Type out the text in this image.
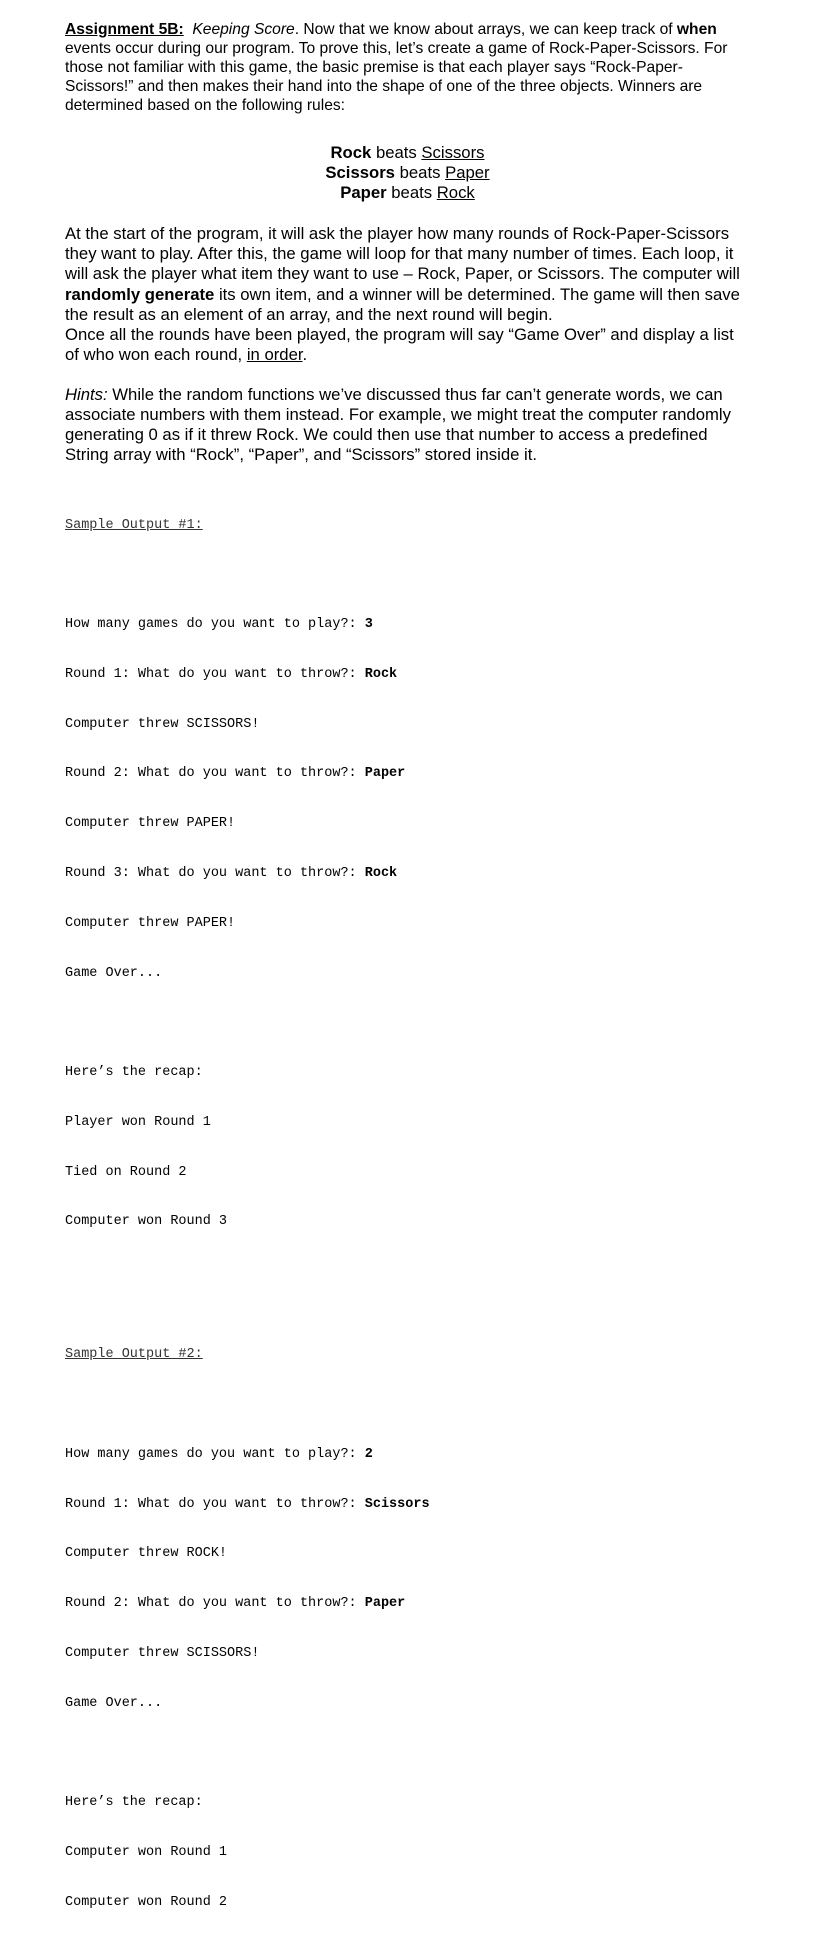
Assignment 5B: Keeping Score. Now that we know about arrays, we can keep track of when events occur during our program. To prove this, let’s create a game of Rock-Paper-Scissors. For those not familiar with this game, the basic premise is that each player says “Rock-Paper-Scissors!” and then makes their hand into the shape of one of the three objects. Winners are determined based on the following rules:

Rock beats Scissors
Scissors beats Paper
Paper beats Rock

At the start of the program, it will ask the player how many rounds of Rock-Paper-Scissors they want to play. After this, the game will loop for that many number of times. Each loop, it will ask the player what item they want to use – Rock, Paper, or Scissors. The computer will randomly generate its own item, and a winner will be determined. The game will then save the result as an element of an array, and the next round will begin.

Once all the rounds have been played, the program will say “Game Over” and display a list of who won each round, in order.

Hints: While the random functions we’ve discussed thus far can’t generate words, we can associate numbers with them instead. For example, we might treat the computer randomly generating 0 as if it threw Rock. We could then use that number to access a predefined String array with “Rock”, “Paper”, and “Scissors” stored inside it.

Sample Output #1:

How many games do you want to play?: 3

Round 1: What do you want to throw?: Rock

Computer threw SCISSORS!

Round 2: What do you want to throw?: Paper

Computer threw PAPER!

Round 3: What do you want to throw?: Rock

Computer threw PAPER!

Game Over...

Here’s the recap:

Player won Round 1

Tied on Round 2

Computer won Round 3

Sample Output #2:

How many games do you want to play?: 2

Round 1: What do you want to throw?: Scissors

Computer threw ROCK!

Round 2: What do you want to throw?: Paper

Computer threw SCISSORS!

Game Over...

Here’s the recap:

Computer won Round 1

Computer won Round 2
